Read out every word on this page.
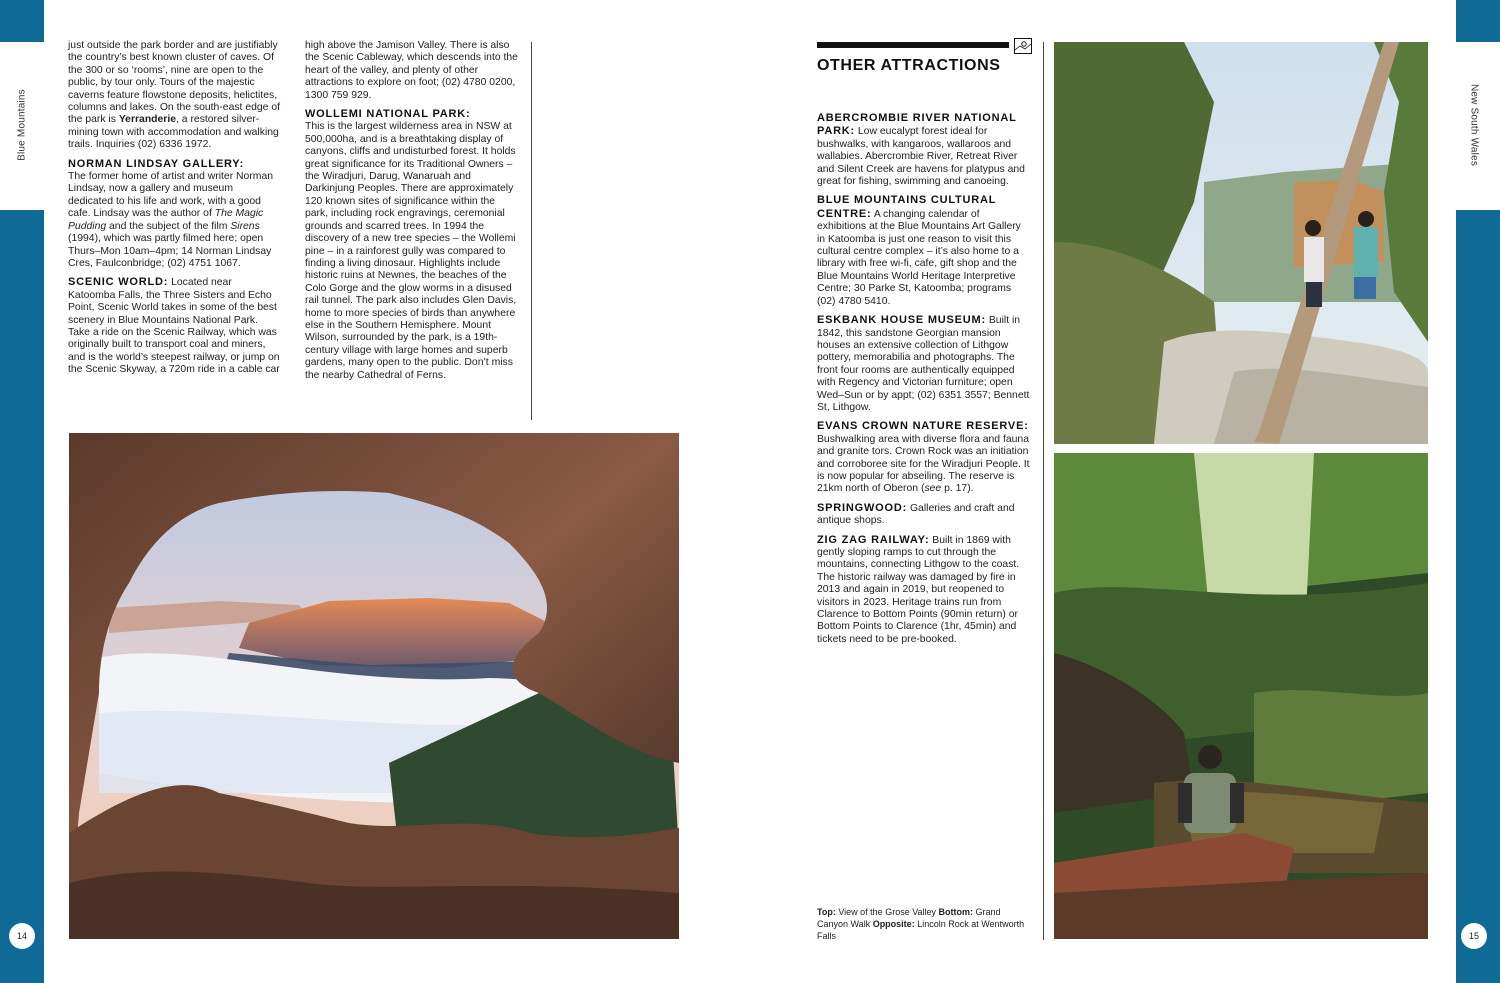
Blue Mountains	New South Wales
14	15

just outside the park border and are justifiably the country’s best known cluster of caves. Of the 300 or so ‘rooms’, nine are open to the public, by tour only. Tours of the majestic caverns feature flowstone deposits, helictites, columns and lakes. On the south-east edge of the park is Yerranderie, a restored silver-mining town with accommodation and walking trails. Inquiries (02) 6336 1972.

NORMAN LINDSAY GALLERY:
The former home of artist and writer Norman Lindsay, now a gallery and museum dedicated to his life and work, with a good cafe. Lindsay was the author of The Magic Pudding and the subject of the film Sirens (1994), which was partly filmed here; open Thurs–Mon 10am–4pm; 14 Norman Lindsay Cres, Faulconbridge; (02) 4751 1067.

SCENIC WORLD: Located near Katoomba Falls, the Three Sisters and Echo Point, Scenic World takes in some of the best scenery in Blue Mountains National Park. Take a ride on the Scenic Railway, which was originally built to transport coal and miners, and is the world’s steepest railway, or jump on the Scenic Skyway, a 720m ride in a cable car

high above the Jamison Valley. There is also the Scenic Cableway, which descends into the heart of the valley, and plenty of other attractions to explore on foot; (02) 4780 0200, 1300 759 929.

WOLLEMI NATIONAL PARK:
This is the largest wilderness area in NSW at 500,000ha, and is a breathtaking display of canyons, cliffs and undisturbed forest. It holds great significance for its Traditional Owners – the Wiradjuri, Darug, Wanaruah and Darkinjung Peoples. There are approximately 120 known sites of significance within the park, including rock engravings, ceremonial grounds and scarred trees. In 1994 the discovery of a new tree species – the Wollemi pine – in a rainforest gully was compared to finding a living dinosaur. Highlights include historic ruins at Newnes, the beaches of the Colo Gorge and the glow worms in a disused rail tunnel. The park also includes Glen Davis, home to more species of birds than anywhere else in the Southern Hemisphere. Mount Wilson, surrounded by the park, is a 19th-century village with large homes and superb gardens, many open to the public. Don’t miss the nearby Cathedral of Ferns.

OTHER ATTRACTIONS

ABERCROMBIE RIVER NATIONAL PARK: Low eucalypt forest ideal for bushwalks, with kangaroos, wallaroos and wallabies. Abercrombie River, Retreat River and Silent Creek are havens for platypus and great for fishing, swimming and canoeing.

BLUE MOUNTAINS CULTURAL CENTRE: A changing calendar of exhibitions at the Blue Mountains Art Gallery in Katoomba is just one reason to visit this cultural centre complex – it’s also home to a library with free wi-fi, cafe, gift shop and the Blue Mountains World Heritage Interpretive Centre; 30 Parke St, Katoomba; programs (02) 4780 5410.

ESKBANK HOUSE MUSEUM: Built in 1842, this sandstone Georgian mansion houses an extensive collection of Lithgow pottery, memorabilia and photographs. The front four rooms are authentically equipped with Regency and Victorian furniture; open Wed–Sun or by appt; (02) 6351 3557; Bennett St, Lithgow.

EVANS CROWN NATURE RESERVE: Bushwalking area with diverse flora and fauna and granite tors. Crown Rock was an initiation and corroboree site for the Wiradjuri People. It is now popular for abseiling. The reserve is 21km north of Oberon (see p. 17).

SPRINGWOOD: Galleries and craft and antique shops.

ZIG ZAG RAILWAY: Built in 1869 with gently sloping ramps to cut through the mountains, connecting Lithgow to the coast. The historic railway was damaged by fire in 2013 and again in 2019, but reopened to visitors in 2023. Heritage trains run from Clarence to Bottom Points (90min return) or Bottom Points to Clarence (1hr, 45min) and tickets need to be pre-booked.

Top: View of the Grose Valley Bottom: Grand Canyon Walk Opposite: Lincoln Rock at Wentworth Falls
